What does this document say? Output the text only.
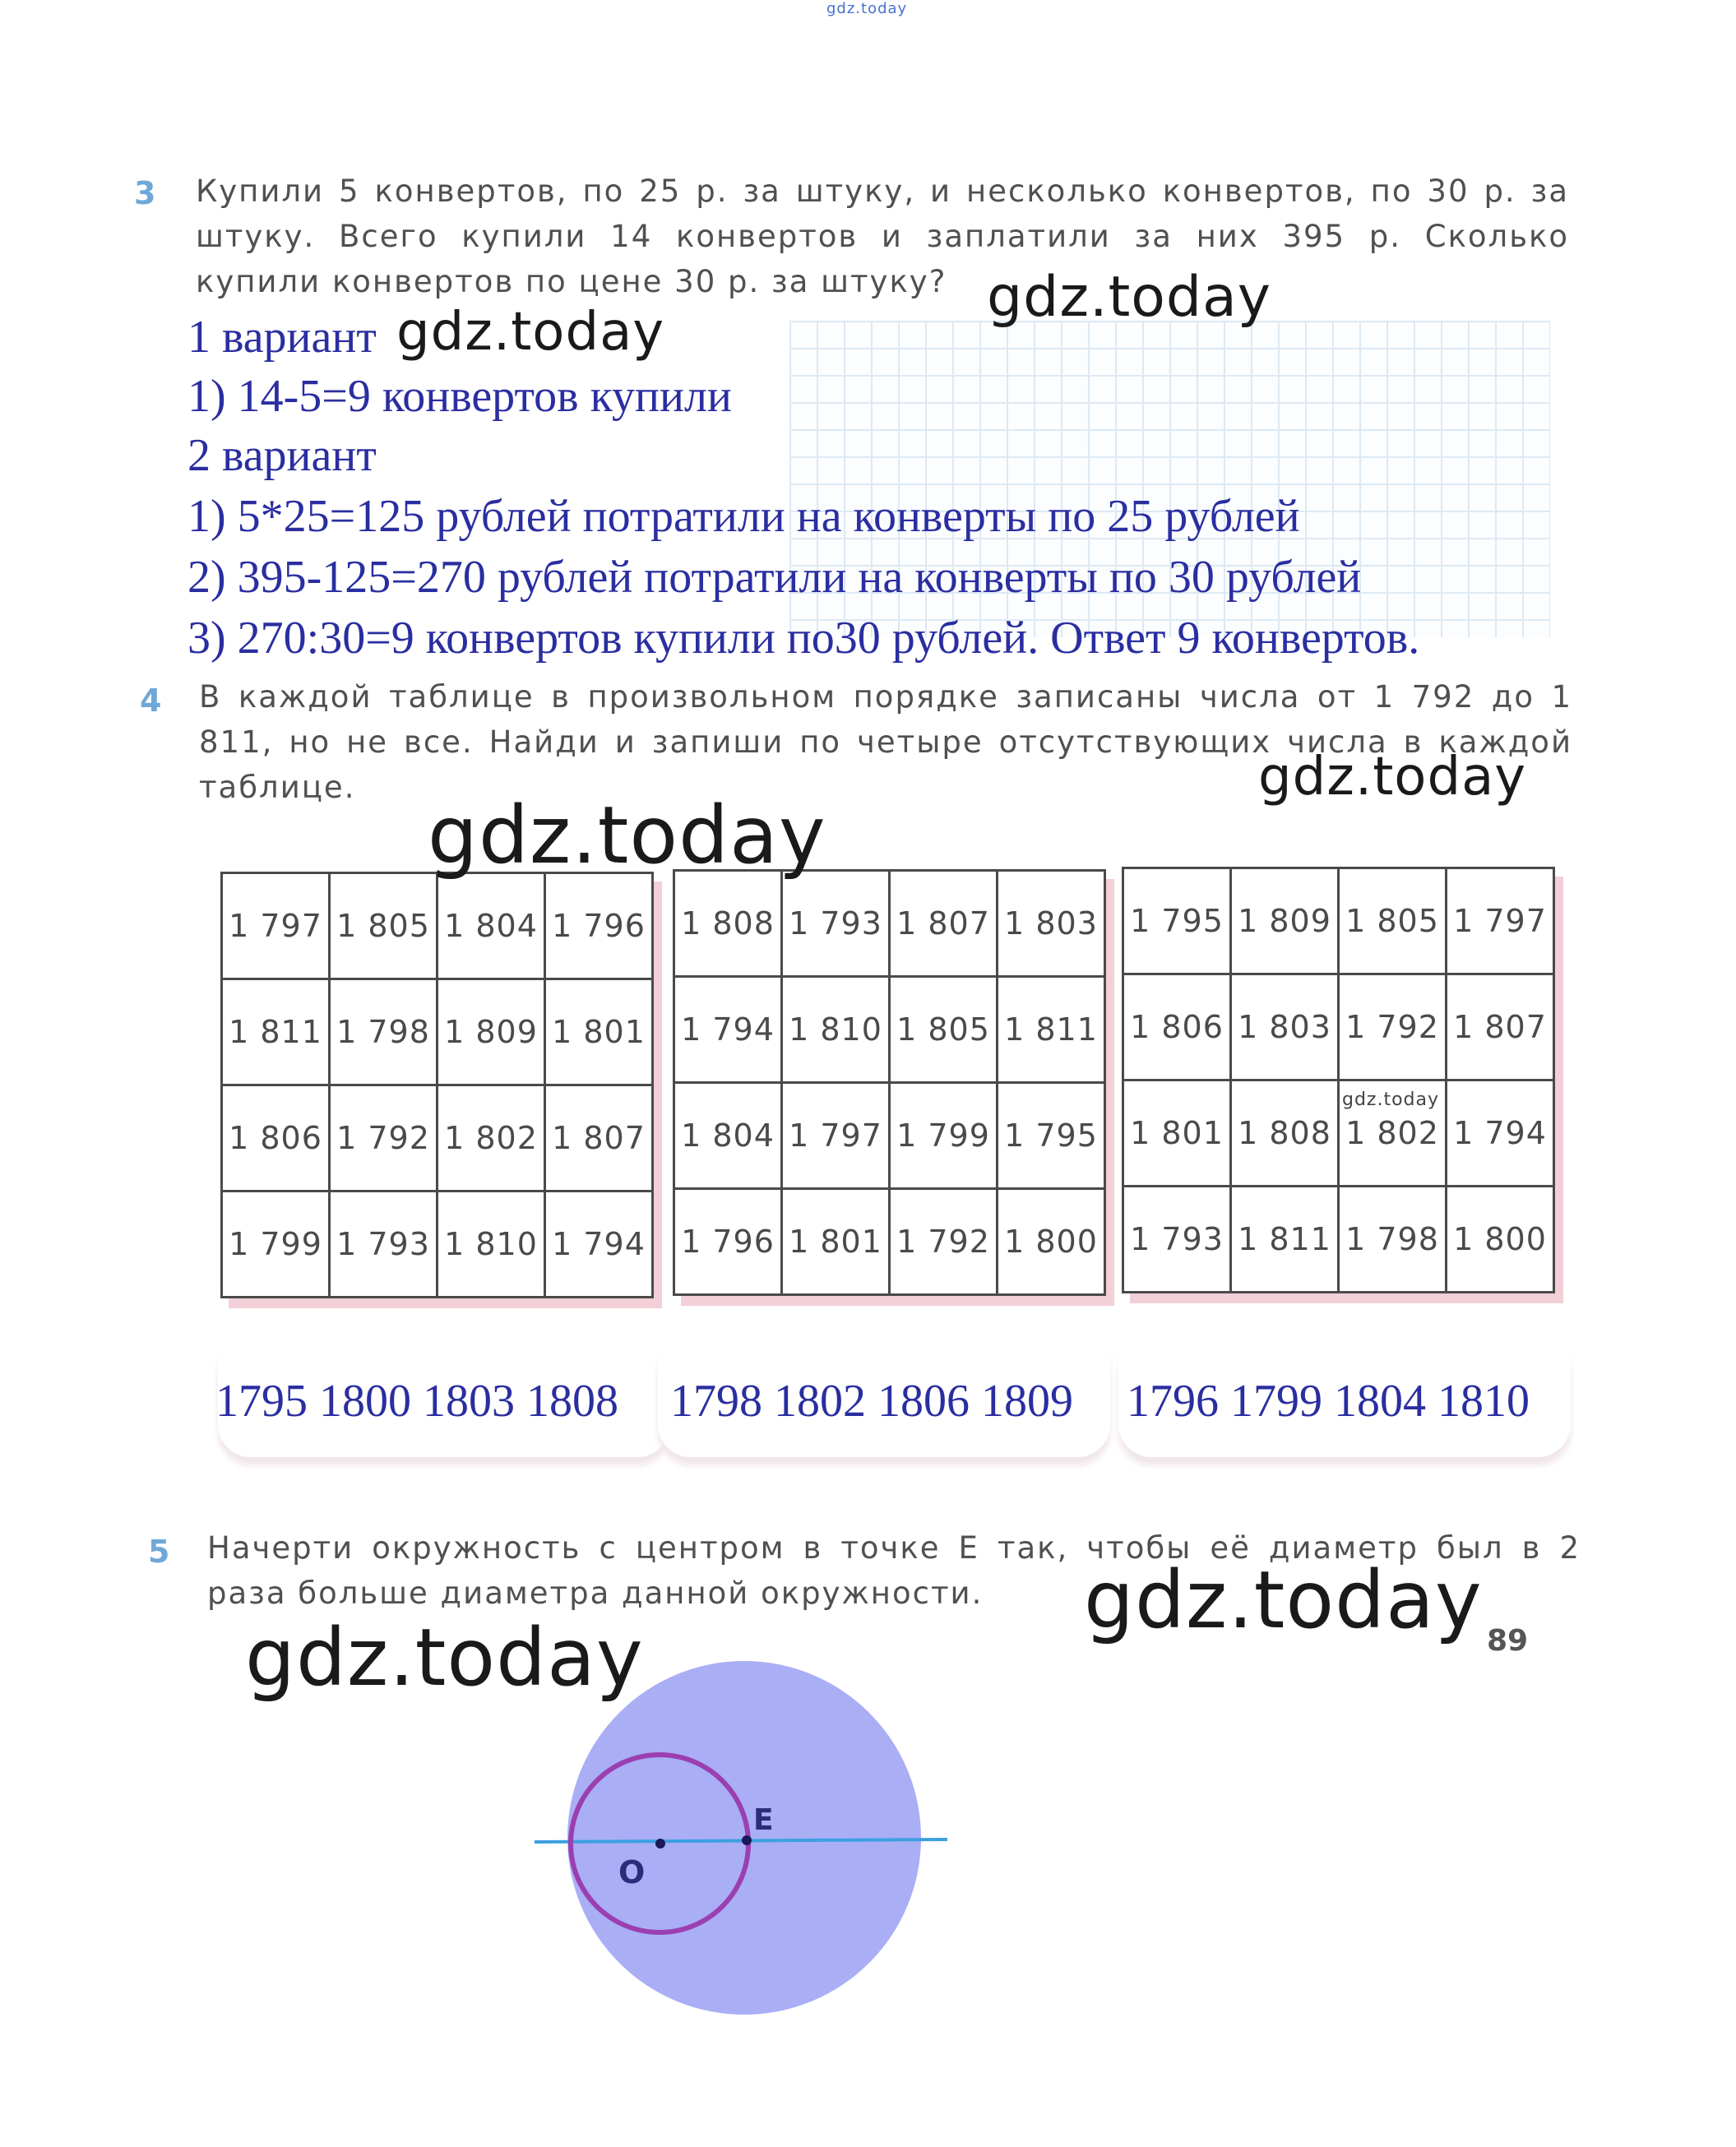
gdz.today
3 Купили 5 конвертов, по 25 р. за штуку, и несколько конвертов, по 30 р. за штуку. Всего купили 14 конвертов и заплатили за них 395 р. Сколько купили конвертов по цене 30 р. за штуку?
1 вариант
1) 14-5=9 конвертов купили
2 вариант
1) 5*25=125 рублей потратили на конверты по 25 рублей
2) 395-125=270 рублей потратили на конверты по 30 рублей
3) 270:30=9 конвертов купили по30 рублей. Ответ 9 конвертов.
4 В каждой таблице в произвольном порядке записаны числа от 1 792 до 1 811, но не все. Найди и запиши по четыре отсутствующих числа в каждой таблице.
1 797	1 805	1 804	1 796
1 811	1 798	1 809	1 801
1 806	1 792	1 802	1 807
1 799	1 793	1 810	1 794
1 808	1 793	1 807	1 803
1 794	1 810	1 805	1 811
1 804	1 797	1 799	1 795
1 796	1 801	1 792	1 800
1 795	1 809	1 805	1 797
1 806	1 803	1 792	1 807
1 801	1 808	1 802	1 794
1 793	1 811	1 798	1 800
1795 1800 1803 1808 1798 1802 1806 1809 1796 1799 1804 1810
5 Начерти окружность с центром в точке E так, чтобы её диаметр был в 2 раза больше диаметра данной окружности.
89
O
E
gdz.today
gdz.today
gdz.today
gdz.today
gdz.today
gdz.today
gdz.today
